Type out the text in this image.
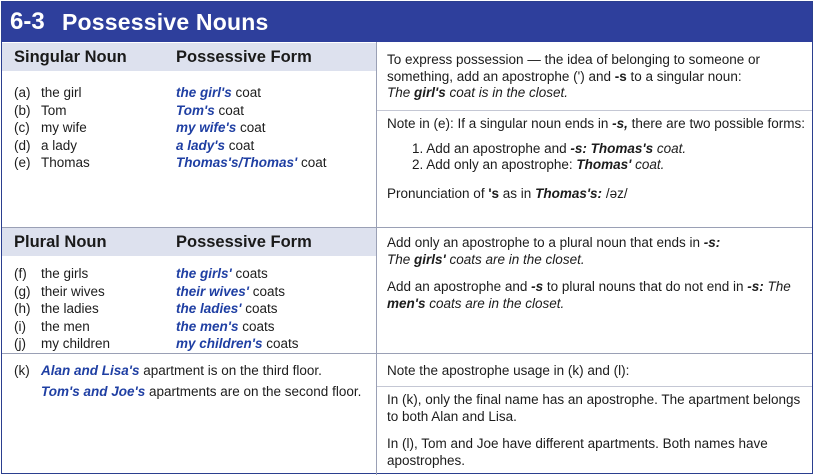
6-3 Possessive Nouns
Singular Noun	Possessive Form
(a) the girl
(b) Tom
(c) my wife
(d) a lady
(e) Thomas
the girl's coat
Tom's coat
my wife's coat
a lady's coat
Thomas's/Thomas' coat
Plural Noun	Possessive Form
(f) the girls
(g) their wives
(h) the ladies
(i) the men
(j) my children
the girls' coats
their wives' coats
the ladies' coats
the men's coats
my children's coats
(k) Alan and Lisa's apartment is on the third floor.
Tom's and Joe's apartments are on the second floor.
To express possession — the idea of belonging to someone or something, add an apostrophe (') and -s to a singular noun:
The girl's coat is in the closet.
Note in (e): If a singular noun ends in -s, there are two possible forms:
1. Add an apostrophe and -s: Thomas's coat.
2. Add only an apostrophe: Thomas' coat.
Pronunciation of 's as in Thomas's: /əz/
Add only an apostrophe to a plural noun that ends in -s:
The girls' coats are in the closet.
Add an apostrophe and -s to plural nouns that do not end in -s: The men's coats are in the closet.
Note the apostrophe usage in (k) and (l):
In (k), only the final name has an apostrophe. The apartment belongs to both Alan and Lisa.
In (l), Tom and Joe have different apartments. Both names have apostrophes.
